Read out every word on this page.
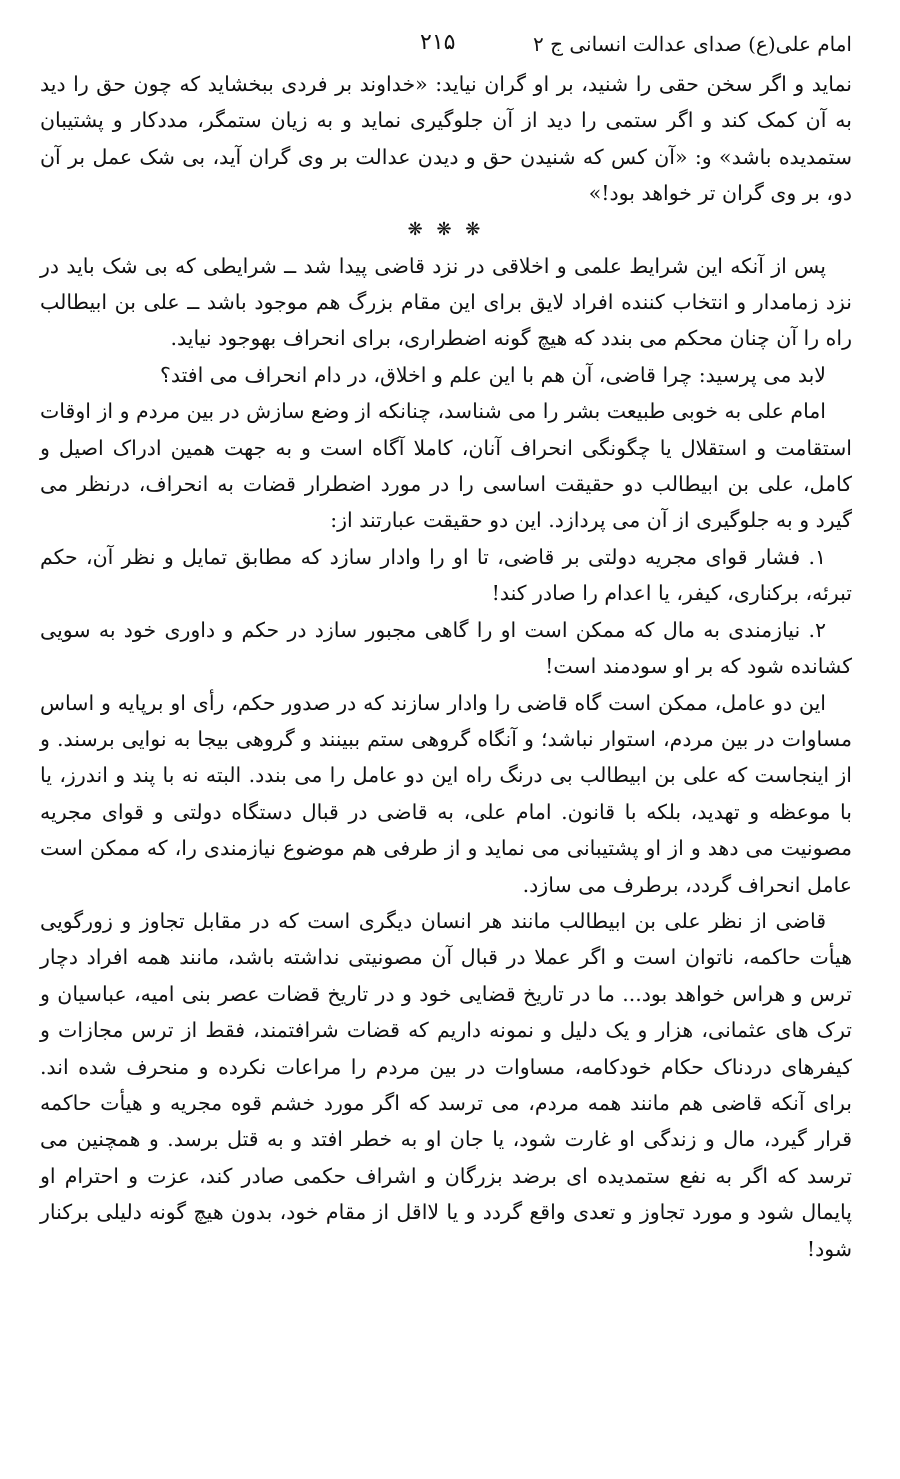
امام علی(ع) صدای عدالت انسانی ج ۲
۲۱۵

نماید و اگر سخن حقی را شنید، بر او گران نیاید: «خداوند بر فردی ببخشاید که چون حق را دید به آن کمک کند و اگر ستمی را دید از آن جلوگیری نماید و به زیان ستمگر، مددکار و پشتیبان ستمدیده باشد» و: «آن کس که شنیدن حق و دیدن عدالت بر وی گران آید، بی شک عمل بر آن دو، بر وی گران تر خواهد بود!»

❋ ❋ ❋

پس از آنکه این شرایط علمی و اخلاقی در نزد قاضی پیدا شد ــ شرایطی که بی شک باید در نزد زمامدار و انتخاب کننده افراد لایق برای این مقام بزرگ هم موجود باشد ــ علی بن ابیطالب راه را آن چنان محکم می بندد که هیچ گونه اضطراری، برای انحراف بهوجود نیاید.

لابد می پرسید: چرا قاضی، آن هم با این علم و اخلاق، در دام انحراف می افتد؟

امام علی به خوبی طبیعت بشر را می شناسد، چنانکه از وضع سازش در بین مردم و از اوقات استقامت و استقلال یا چگونگی انحراف آنان، کاملا آگاه است و به جهت همین ادراک اصیل و کامل، علی بن ابیطالب دو حقیقت اساسی را در مورد اضطرار قضات به انحراف، درنظر می گیرد و به جلوگیری از آن می پردازد. این دو حقیقت عبارتند از:

۱. فشار قوای مجریه دولتی بر قاضی، تا او را وادار سازد که مطابق تمایل و نظر آن، حکم تبرئه، برکناری، کیفر، یا اعدام را صادر کند!

۲. نیازمندی به مال که ممکن است او را گاهی مجبور سازد در حکم و داوری خود به سویی کشانده شود که بر او سودمند است!

این دو عامل، ممکن است گاه قاضی را وادار سازند که در صدور حکم، رأی او برپایه و اساس مساوات در بین مردم، استوار نباشد؛ و آنگاه گروهی ستم ببینند و گروهی بیجا به نوایی برسند. و از اینجاست که علی بن ابیطالب بی درنگ راه این دو عامل را می بندد. البته نه با پند و اندرز، یا با موعظه و تهدید، بلکه با قانون. امام علی، به قاضی در قبال دستگاه دولتی و قوای مجریه مصونیت می دهد و از او پشتیبانی می نماید و از طرفی هم موضوع نیازمندی را، که ممکن است عامل انحراف گردد، برطرف می سازد.

قاضی از نظر علی بن ابیطالب مانند هر انسان دیگری است که در مقابل تجاوز و زورگویی هیأت حاکمه، ناتوان است و اگر عملا در قبال آن مصونیتی نداشته باشد، مانند همه افراد دچار ترس و هراس خواهد بود... ما در تاریخ قضایی خود و در تاریخ قضات عصر بنی امیه، عباسیان و ترک های عثمانی، هزار و یک دلیل و نمونه داریم که قضات شرافتمند، فقط از ترس مجازات و کیفرهای دردناک حکام خودکامه، مساوات در بین مردم را مراعات نکرده و منحرف شده اند. برای آنکه قاضی هم مانند همه مردم، می ترسد که اگر مورد خشم قوه مجریه و هیأت حاکمه قرار گیرد، مال و زندگی او غارت شود، یا جان او به خطر افتد و به قتل برسد. و همچنین می ترسد که اگر به نفع ستمدیده ای برضد بزرگان و اشراف حکمی صادر کند، عزت و احترام او پایمال شود و مورد تجاوز و تعدی واقع گردد و یا لااقل از مقام خود، بدون هیچ گونه دلیلی برکنار شود!
